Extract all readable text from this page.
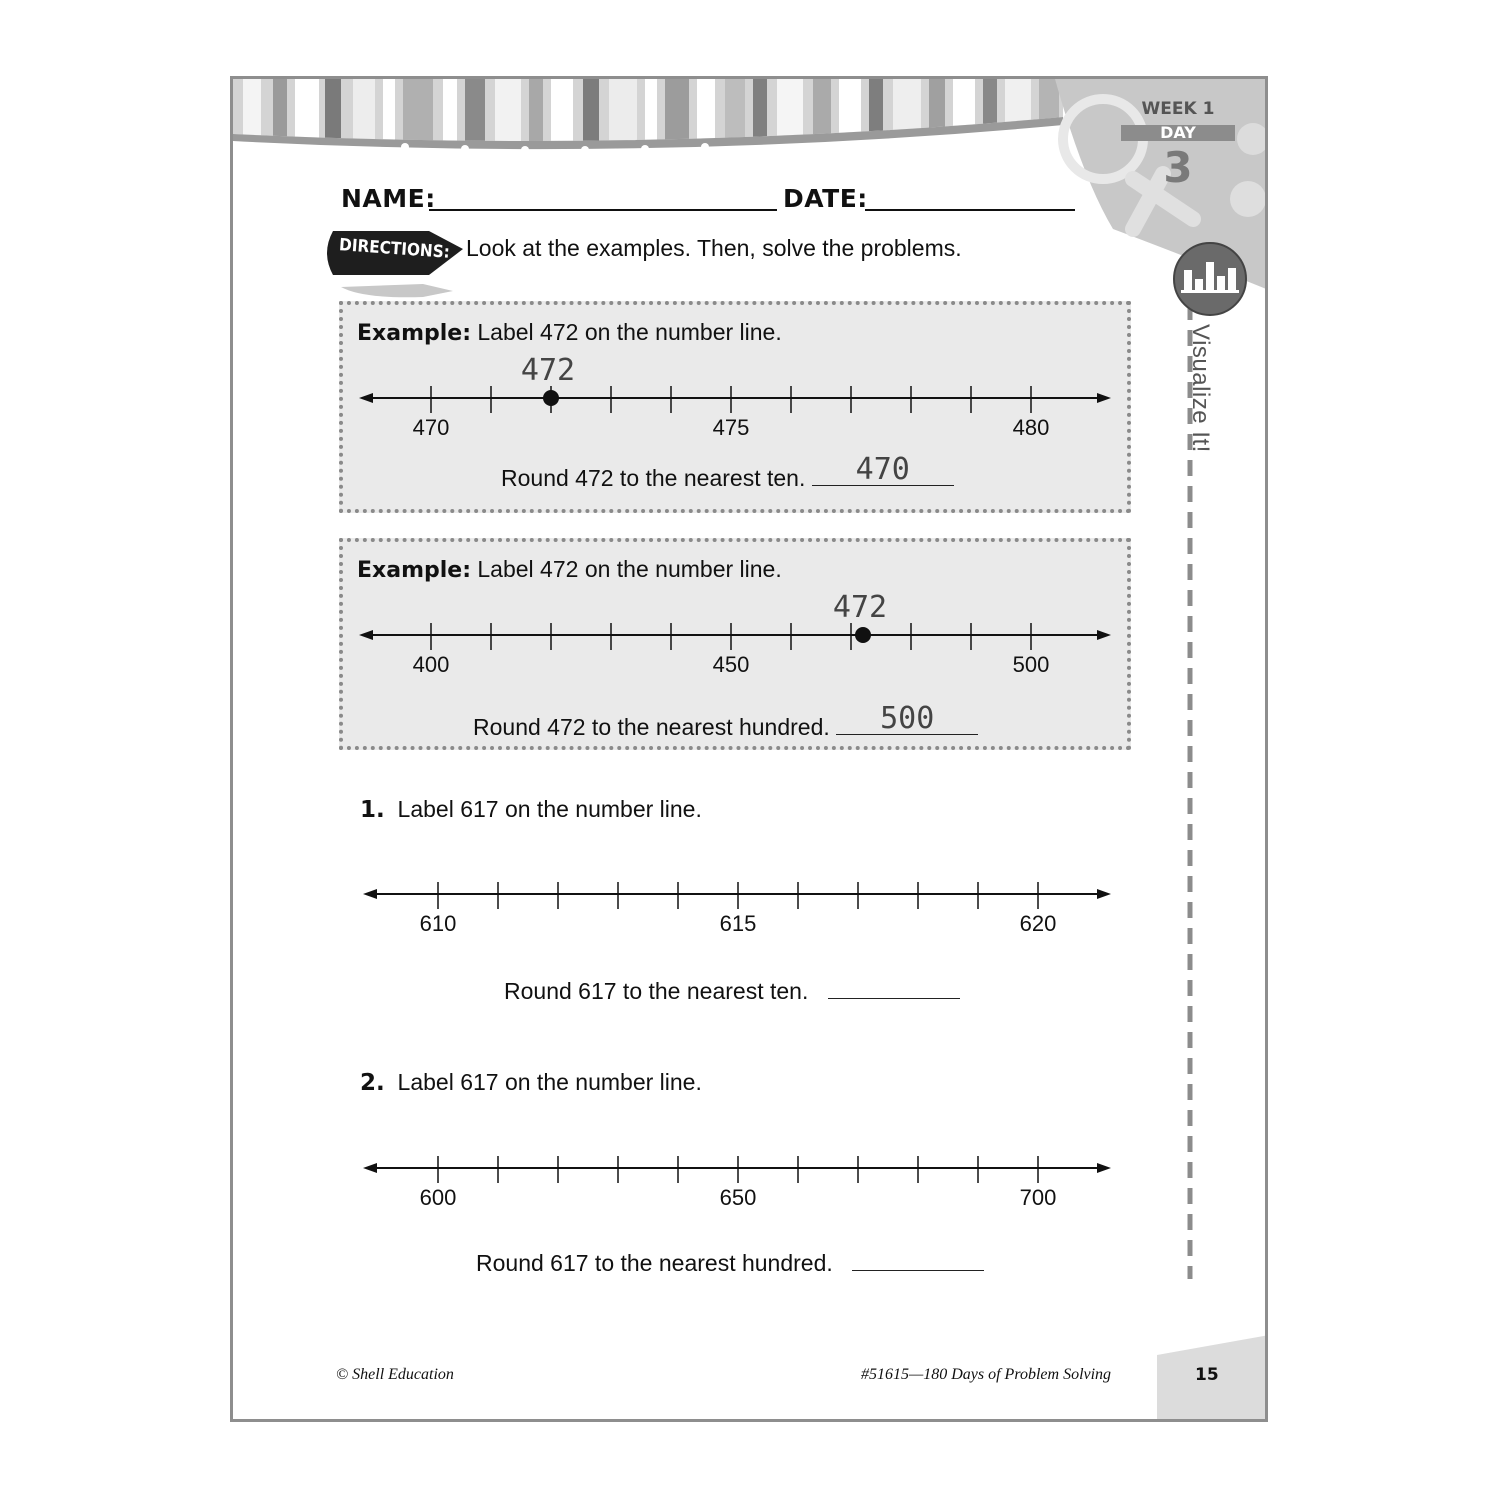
WEEK 1
DAY
3
Visualize It!
NAME:	DATE:
DIRECTIONS: Look at the examples. Then, solve the problems.
Example: Label 472 on the number line.
470	475	480
472
Round 472 to the nearest ten.	470
Example: Label 472 on the number line.
400	450	500
472
Round 472 to the nearest hundred.	500
1. Label 617 on the number line.
610	615	620
Round 617 to the nearest ten.
2. Label 617 on the number line.
600	650	700
Round 617 to the nearest hundred.
© Shell Education	#51615—180 Days of Problem Solving	15
